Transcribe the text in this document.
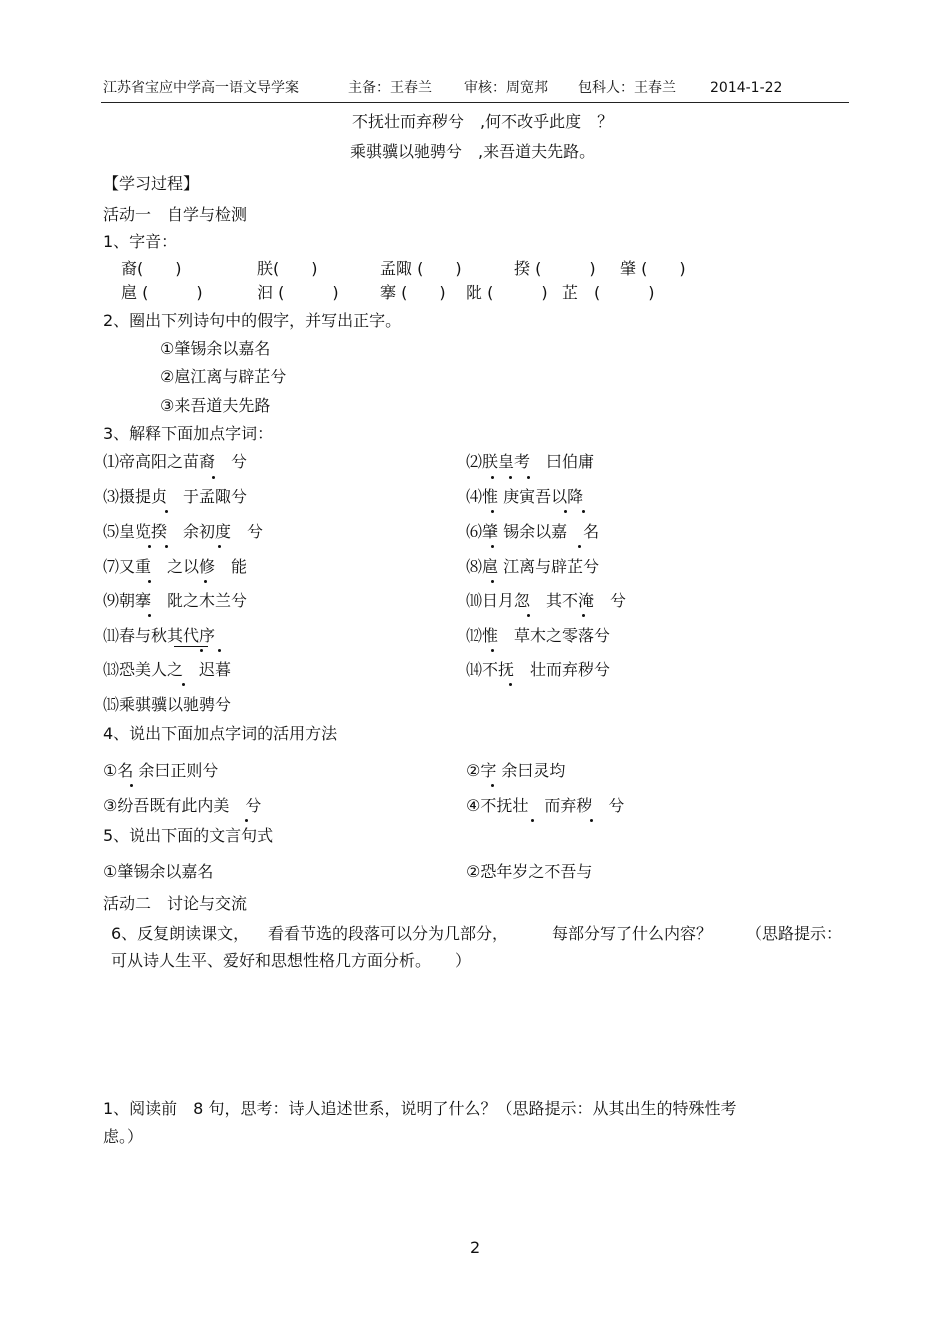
江苏省宝应中学高一语文导学案	主备：王春兰 审核：周宽邦 包科人：王春兰 2014-1-22
不抚壮而弃秽兮　,何不改乎此度　？
乘骐骥以驰骋兮　,来吾道夫先路。
【学习过程】
活动一　自学与检测
1、字音：
裔(　　)	朕(　　)	孟陬 (　　)	揆 (　　　) 肇 (　　)
扈 (　　　)	汩 (　　　)	搴 (　　) 阰 (　　　) 芷　(　　　)
2、圈出下列诗句中的假字，并写出正字。
①肇锡余以嘉名
②扈江离与辟芷兮
③来吾道夫先路
3、解释下面加点字词：
⑴帝高阳之苗裔　兮	⑵朕皇考　曰伯庸
⑶摄提贞　于孟陬兮	⑷惟 庚寅吾以降
⑸皇览揆　余初度　兮	⑹肇 锡余以嘉　名
⑺又重　之以修　能	⑻扈 江离与辟芷兮
⑼朝搴　阰之木兰兮	⑽日月忽　其不淹　兮
⑾春与秋其代序	⑿惟　草木之零落兮
⒀恐美人之　迟暮	⒁不抚　壮而弃秽兮
⒂乘骐骥以驰骋兮
4、说出下面加点字词的活用方法
①名 余曰正则兮	②字 余曰灵均
③纷吾既有此内美　兮	④不抚壮　而弃秽　兮
5、说出下面的文言句式
①肇锡余以嘉名	②恐年岁之不吾与
活动二　讨论与交流
6、反复朗读课文， 看看节选的段落可以分为几部分，	每部分写了什么内容？ （思路提示：
可从诗人生平、爱好和思想性格几方面分析。　　）
1、阅读前　8 句，思考：诗人追述世系，说明了什么？（思路提示：从其出生的特殊性考
虑。）
2
